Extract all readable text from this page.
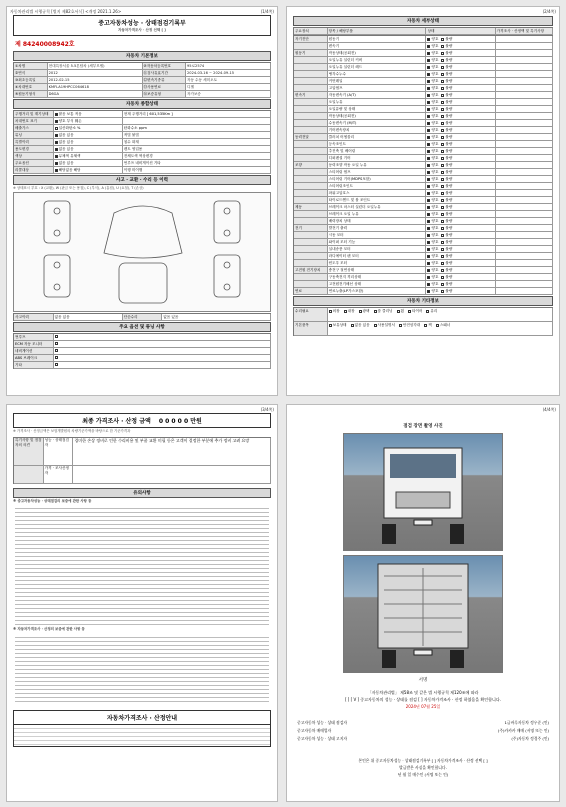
자동차관리법 시행규칙 [별지 제82호서식] <개정 2021.1.26>	(1/4쪽)
중고자동차성능 · 상태점검기록부
자동차가격조사 · 산정 선택 [ ]
제 84240008942호
자동차 기본정보
①차명	현대특장서울 5.5톤탑차 (세부모델)	⑩자동차등록번호	95로2574
②연식	2012	⑪검사유효기간	2024-03-16 ~ 2024-09-15
③최초등록일	2012-02-15	⑫변속기종류	자동 수동 세미오토
④차대번호	KMFLA19HPCC064618	⑬사용연료	디젤
⑤원동기형식	D6GA	⑭보증유형	자가보증
자동차 종합상태
주행거리 및 계기상태	많음 보통 적음	현재 주행거리 [ 601,535Km ]
차대번호 표기	양호 부식 훼손
배출가스	일산화탄소 %	탄화수소 ppm
튜닝	없음 있음	적법 불법
특별이력	없음 있음	침수 화재
용도변경	없음 있음	렌트 영업용
색상	무채색 유채색	전체도색 색상변경
주요옵션	없음 있음	썬루프 네비게이션 기타
리콜대상	해당없음 해당	이행 미이행
사고 · 교환 · 수리 등 이력
※ 상태표시 부호 : X (교환), W (판금 또는 용접), C (부식), A (흠집), U (요철), T (손상)
사고이력	없음 있음	단순수리	없음 있음
주요 옵션 및 튜닝 사항
썬루프
ECM 자동 모니터
네비게이션
ABS 브레이크
기타
(2/4쪽)
자동차 세부상태
주요장치	항목 / 해당부품	상태	가격조사 · 산정액 및 특기사항
자기진단	원동기	양호 불량
변속기	양호 불량
원동기	작동상태(공회전)	양호 불량
오일누유 실린더 커버	양호 불량
오일누유 실린더 헤드	양호 불량
냉각수누수	양호 불량
커먼레일	양호 불량
고압펌프	양호 불량
변속기	자동변속기 (A/T)	양호 불량
오일누유	양호 불량
오일유량 및 상태	양호 불량
작동상태(공회전)	양호 불량
수동변속기 (M/T)	양호 불량
기어변속장치	양호 불량
동력전달	클러치 어셈블리	양호 불량
등속조인트	양호 불량
추진축 및 베어링	양호 불량
디퍼렌셜 기어	양호 불량
조향	동력조향 작동 오일 누유	양호 불량
스티어링 펌프	양호 불량
스티어링 기어(MDPS포함)	양호 불량
스티어링조인트	양호 불량
파워고압호스	양호 불량
타이로드엔드 및 볼 조인트	양호 불량
제동	브레이크 마스터 실린더 오일누유	양호 불량
브레이크 오일 누유	양호 불량
배력장치 상태	양호 불량
전기	발전기 출력	양호 불량
시동 모터	양호 불량
와이퍼 모터 기능	양호 불량
실내송풍 모터	양호 불량
라디에이터 팬 모터	양호 불량
윈도우 모터	양호 불량
고전원 전기장치	충전구 절연상태	양호 불량
구동축전지 격리상태	양호 불량
고전원전기배선 상태	양호 불량
연료	연료누출(LP가스포함)	양호 불량
자동차 기타정보
수리필요	외장 내장 광택 룸 클리닝 휠 타이어 유리
기본품목	보유상태 없음 있음 사용설명서 안전삼각대 잭 스패너
(3/4쪽)
최종 가격조사 · 산정 금액 0 0 0 0 0 만원
※ 가격조사 · 산정금액은 보험개발원의 차량기준가액을 바탕으로 한 기준가격과
특기사항 및 점검자의 의견
성능 · 상태점검자
경미한 손상 정비로 인한 수리비용 및 부품 교환 미필 등은 고객이 결정한 부분에 추가 정비 고려 요망
가격 · 조사산정자
유의사항
※ 중고자동차성능 · 상태점검의 보증에 관한 사항 등
※ 자동차가격조사 · 산정의 보증에 관한 사항 등
자동차가격조사 · 산정안내
(4/4쪽)
점검 장면 촬영 사진
서명
「자동차관리법」 제58조 및 같은 법 시행규칙 제120조에 따라
[ ] [ V ] 중고자동차의 성능 · 상태를 점검 [ ] 자동차가격조사 · 산정 하였음을 확인합니다.
2024년 07월 25일
중고자동차 성능 · 상태 점검자	1급바루자동차 정우준 (인)
중고자동차 매매업자	(주)카카카 매매 (서명 또는 인)
중고자동차 성능 · 상태 고지자	(주)자동차 정경주 (인)
본인은 위 중고자동차성능 · 상태점검기록부 [ ] 자동차가격조사 · 산정 선택 [ ]
발급받은 사실을 확인합니다.
년 월 일 매수인 (서명 또는 인)
